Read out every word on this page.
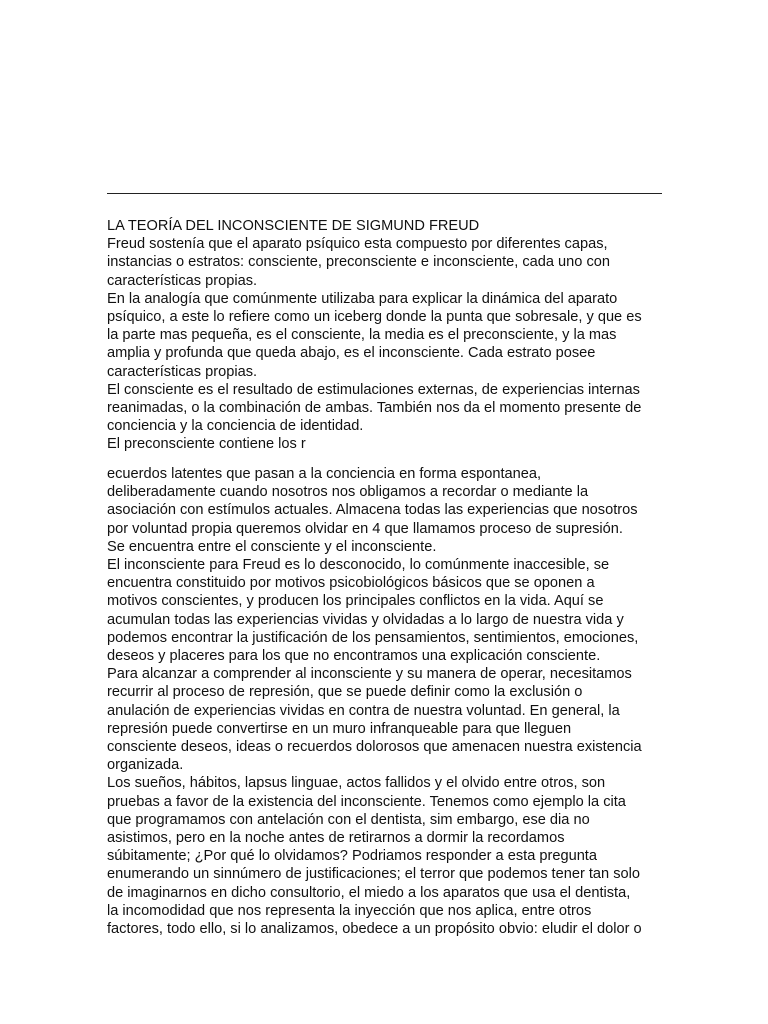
LA TEORÍA DEL INCONSCIENTE DE SIGMUND FREUD
Freud sostenía que el aparato psíquico esta compuesto por diferentes capas,
instancias o estratos: consciente, preconsciente e inconsciente, cada uno con
características propias.
En la analogía que comúnmente utilizaba para explicar la dinámica del aparato
psíquico, a este lo refiere como un iceberg donde la punta que sobresale, y que es
la parte mas pequeña, es el consciente, la media es el preconsciente, y la mas
amplia y profunda que queda abajo, es el inconsciente. Cada estrato posee
características propias.
El consciente es el resultado de estimulaciones externas, de experiencias internas
reanimadas, o la combinación de ambas. También nos da el momento presente de
conciencia y la conciencia de identidad.
El preconsciente contiene los r
ecuerdos latentes que pasan a la conciencia en forma espontanea,
deliberadamente cuando nosotros nos obligamos a recordar o mediante la
asociación con estímulos actuales. Almacena todas las experiencias que nosotros
por voluntad propia queremos olvidar en 4 que llamamos proceso de supresión.
Se encuentra entre el consciente y el inconsciente.
El inconsciente para Freud es lo desconocido, lo comúnmente inaccesible, se
encuentra constituido por motivos psicobiológicos básicos que se oponen a
motivos conscientes, y producen los principales conflictos en la vida. Aquí se
acumulan todas las experiencias vividas y olvidadas a lo largo de nuestra vida y
podemos encontrar la justificación de los pensamientos, sentimientos, emociones,
deseos y placeres para los que no encontramos una explicación consciente.
Para alcanzar a comprender al inconsciente y su manera de operar, necesitamos
recurrir al proceso de represión, que se puede definir como la exclusión o
anulación de experiencias vividas en contra de nuestra voluntad. En general, la
represión puede convertirse en un muro infranqueable para que lleguen
consciente deseos, ideas o recuerdos dolorosos que amenacen nuestra existencia
organizada.
Los sueños, hábitos, lapsus linguae, actos fallidos y el olvido entre otros, son
pruebas a favor de la existencia del inconsciente. Tenemos como ejemplo la cita
que programamos con antelación con el dentista, sim embargo, ese dia no
asistimos, pero en la noche antes de retirarnos a dormir la recordamos
súbitamente; ¿Por qué lo olvidamos? Podriamos responder a esta pregunta
enumerando un sinnúmero de justificaciones; el terror que podemos tener tan solo
de imaginarnos en dicho consultorio, el miedo a los aparatos que usa el dentista,
la incomodidad que nos representa la inyección que nos aplica, entre otros
factores, todo ello, si lo analizamos, obedece a un propósito obvio: eludir el dolor o
